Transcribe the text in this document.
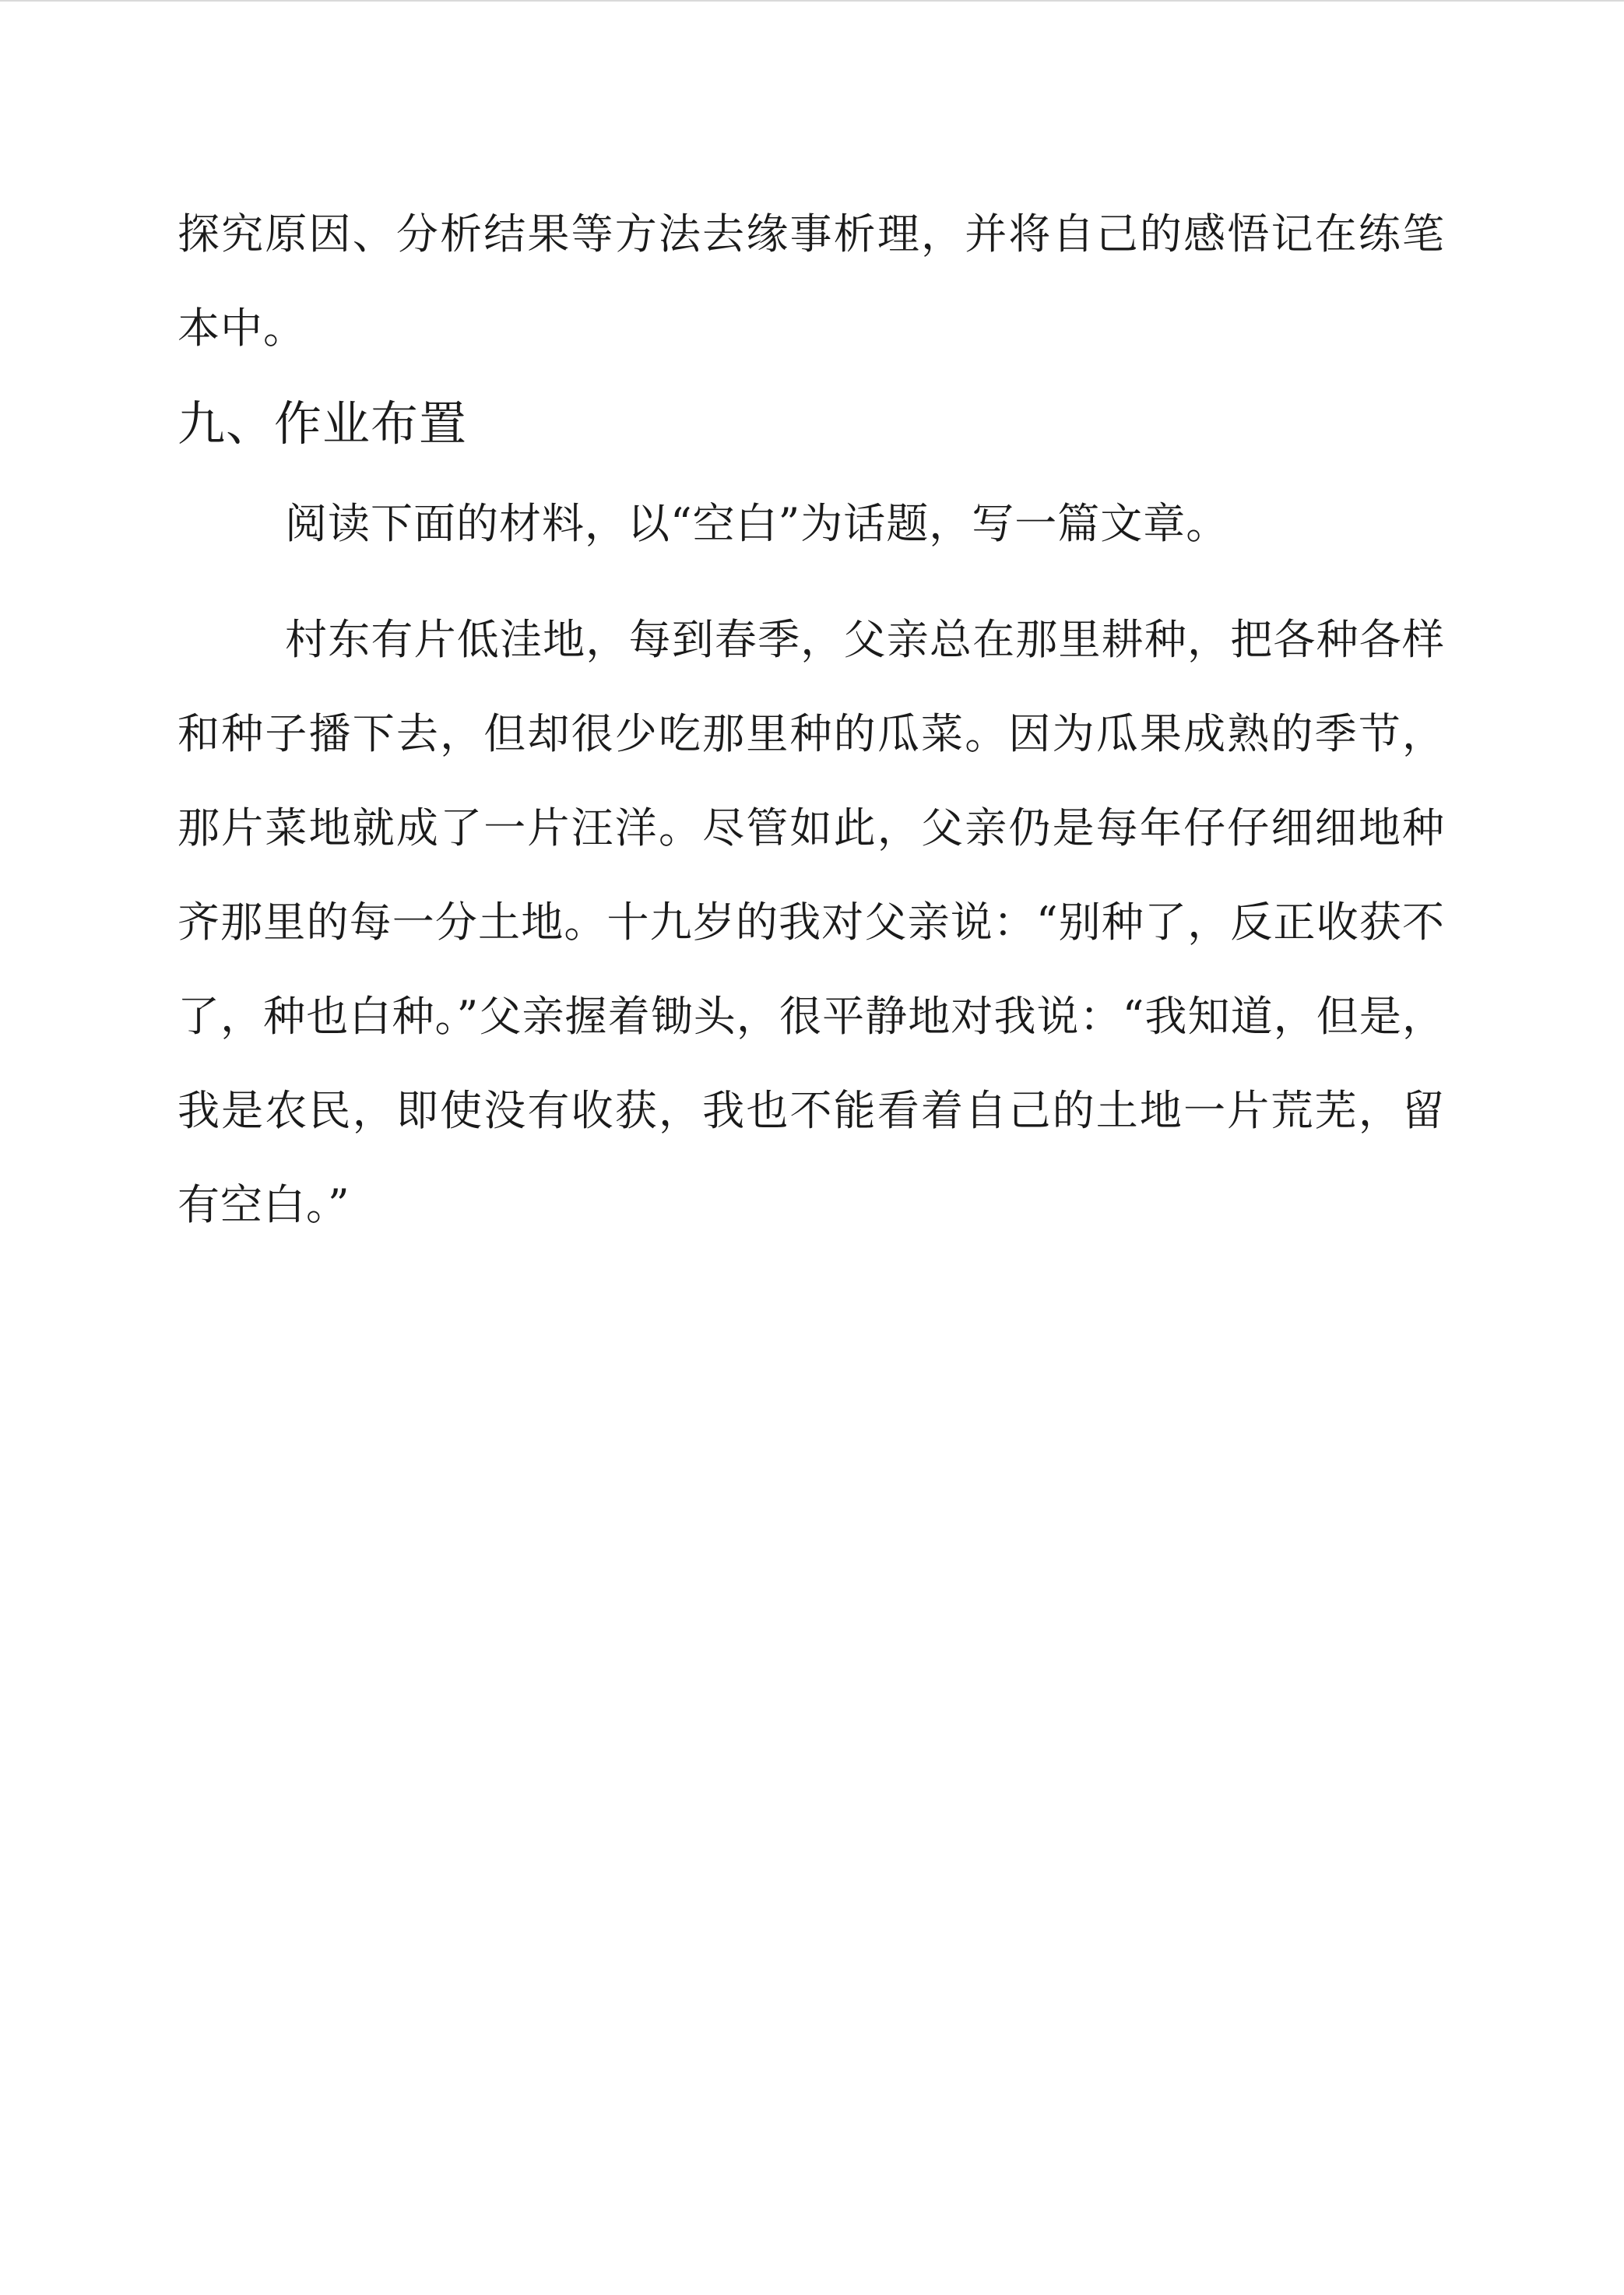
探究原因、分析结果等方法去缘事析理，并将自己的感悟记在练笔本中。

九、作业布置

阅读下面的材料，以“空白”为话题，写一篇文章。

村东有片低洼地，每到春季，父亲总在那里耕种，把各种各样和种子播下去，但却很少吃那里种的瓜菜。因为瓜果成熟的季节，那片菜地就成了一片汪洋。尽管如此，父亲仍是每年仔仔细细地种齐那里的每一分土地。十九岁的我对父亲说：“别种了，反正收获不了，种也白种。”父亲握着锄头，很平静地对我说：“我知道，但是，我是农民，即使没有收获，我也不能看着自己的土地一片荒芜，留有空白。”
